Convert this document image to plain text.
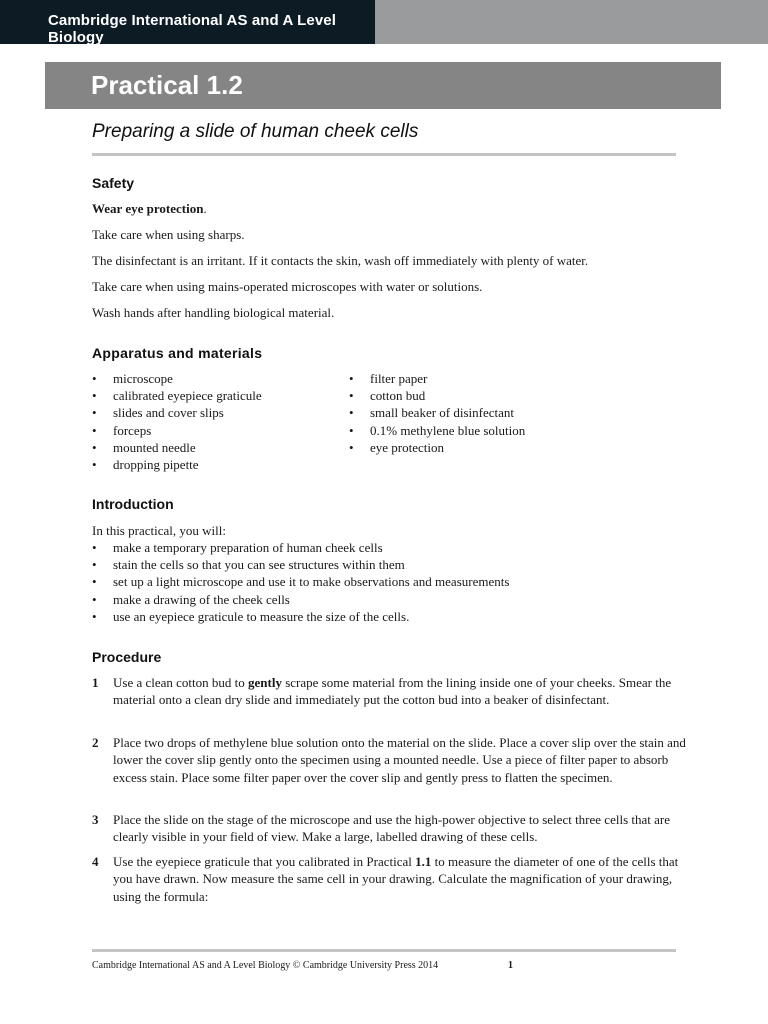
Cambridge International AS and A Level Biology
Practical 1.2
Preparing a slide of human cheek cells
Safety
Wear eye protection.
Take care when using sharps.
The disinfectant is an irritant. If it contacts the skin, wash off immediately with plenty of water.
Take care when using mains-operated microscopes with water or solutions.
Wash hands after handling biological material.
Apparatus and materials
• microscope
• calibrated eyepiece graticule
• slides and cover slips
• forceps
• mounted needle
• dropping pipette
• filter paper
• cotton bud
• small beaker of disinfectant
• 0.1% methylene blue solution
• eye protection
Introduction
In this practical, you will:
• make a temporary preparation of human cheek cells
• stain the cells so that you can see structures within them
• set up a light microscope and use it to make observations and measurements
• make a drawing of the cheek cells
• use an eyepiece graticule to measure the size of the cells.
Procedure
1 Use a clean cotton bud to gently scrape some material from the lining inside one of your cheeks. Smear the material onto a clean dry slide and immediately put the cotton bud into a beaker of disinfectant.
2 Place two drops of methylene blue solution onto the material on the slide. Place a cover slip over the stain and lower the cover slip gently onto the specimen using a mounted needle. Use a piece of filter paper to absorb excess stain. Place some filter paper over the cover slip and gently press to flatten the specimen.
3 Place the slide on the stage of the microscope and use the high-power objective to select three cells that are clearly visible in your field of view. Make a large, labelled drawing of these cells.
4 Use the eyepiece graticule that you calibrated in Practical 1.1 to measure the diameter of one of the cells that you have drawn. Now measure the same cell in your drawing. Calculate the magnification of your drawing, using the formula:
Cambridge International AS and A Level Biology © Cambridge University Press 2014	1
